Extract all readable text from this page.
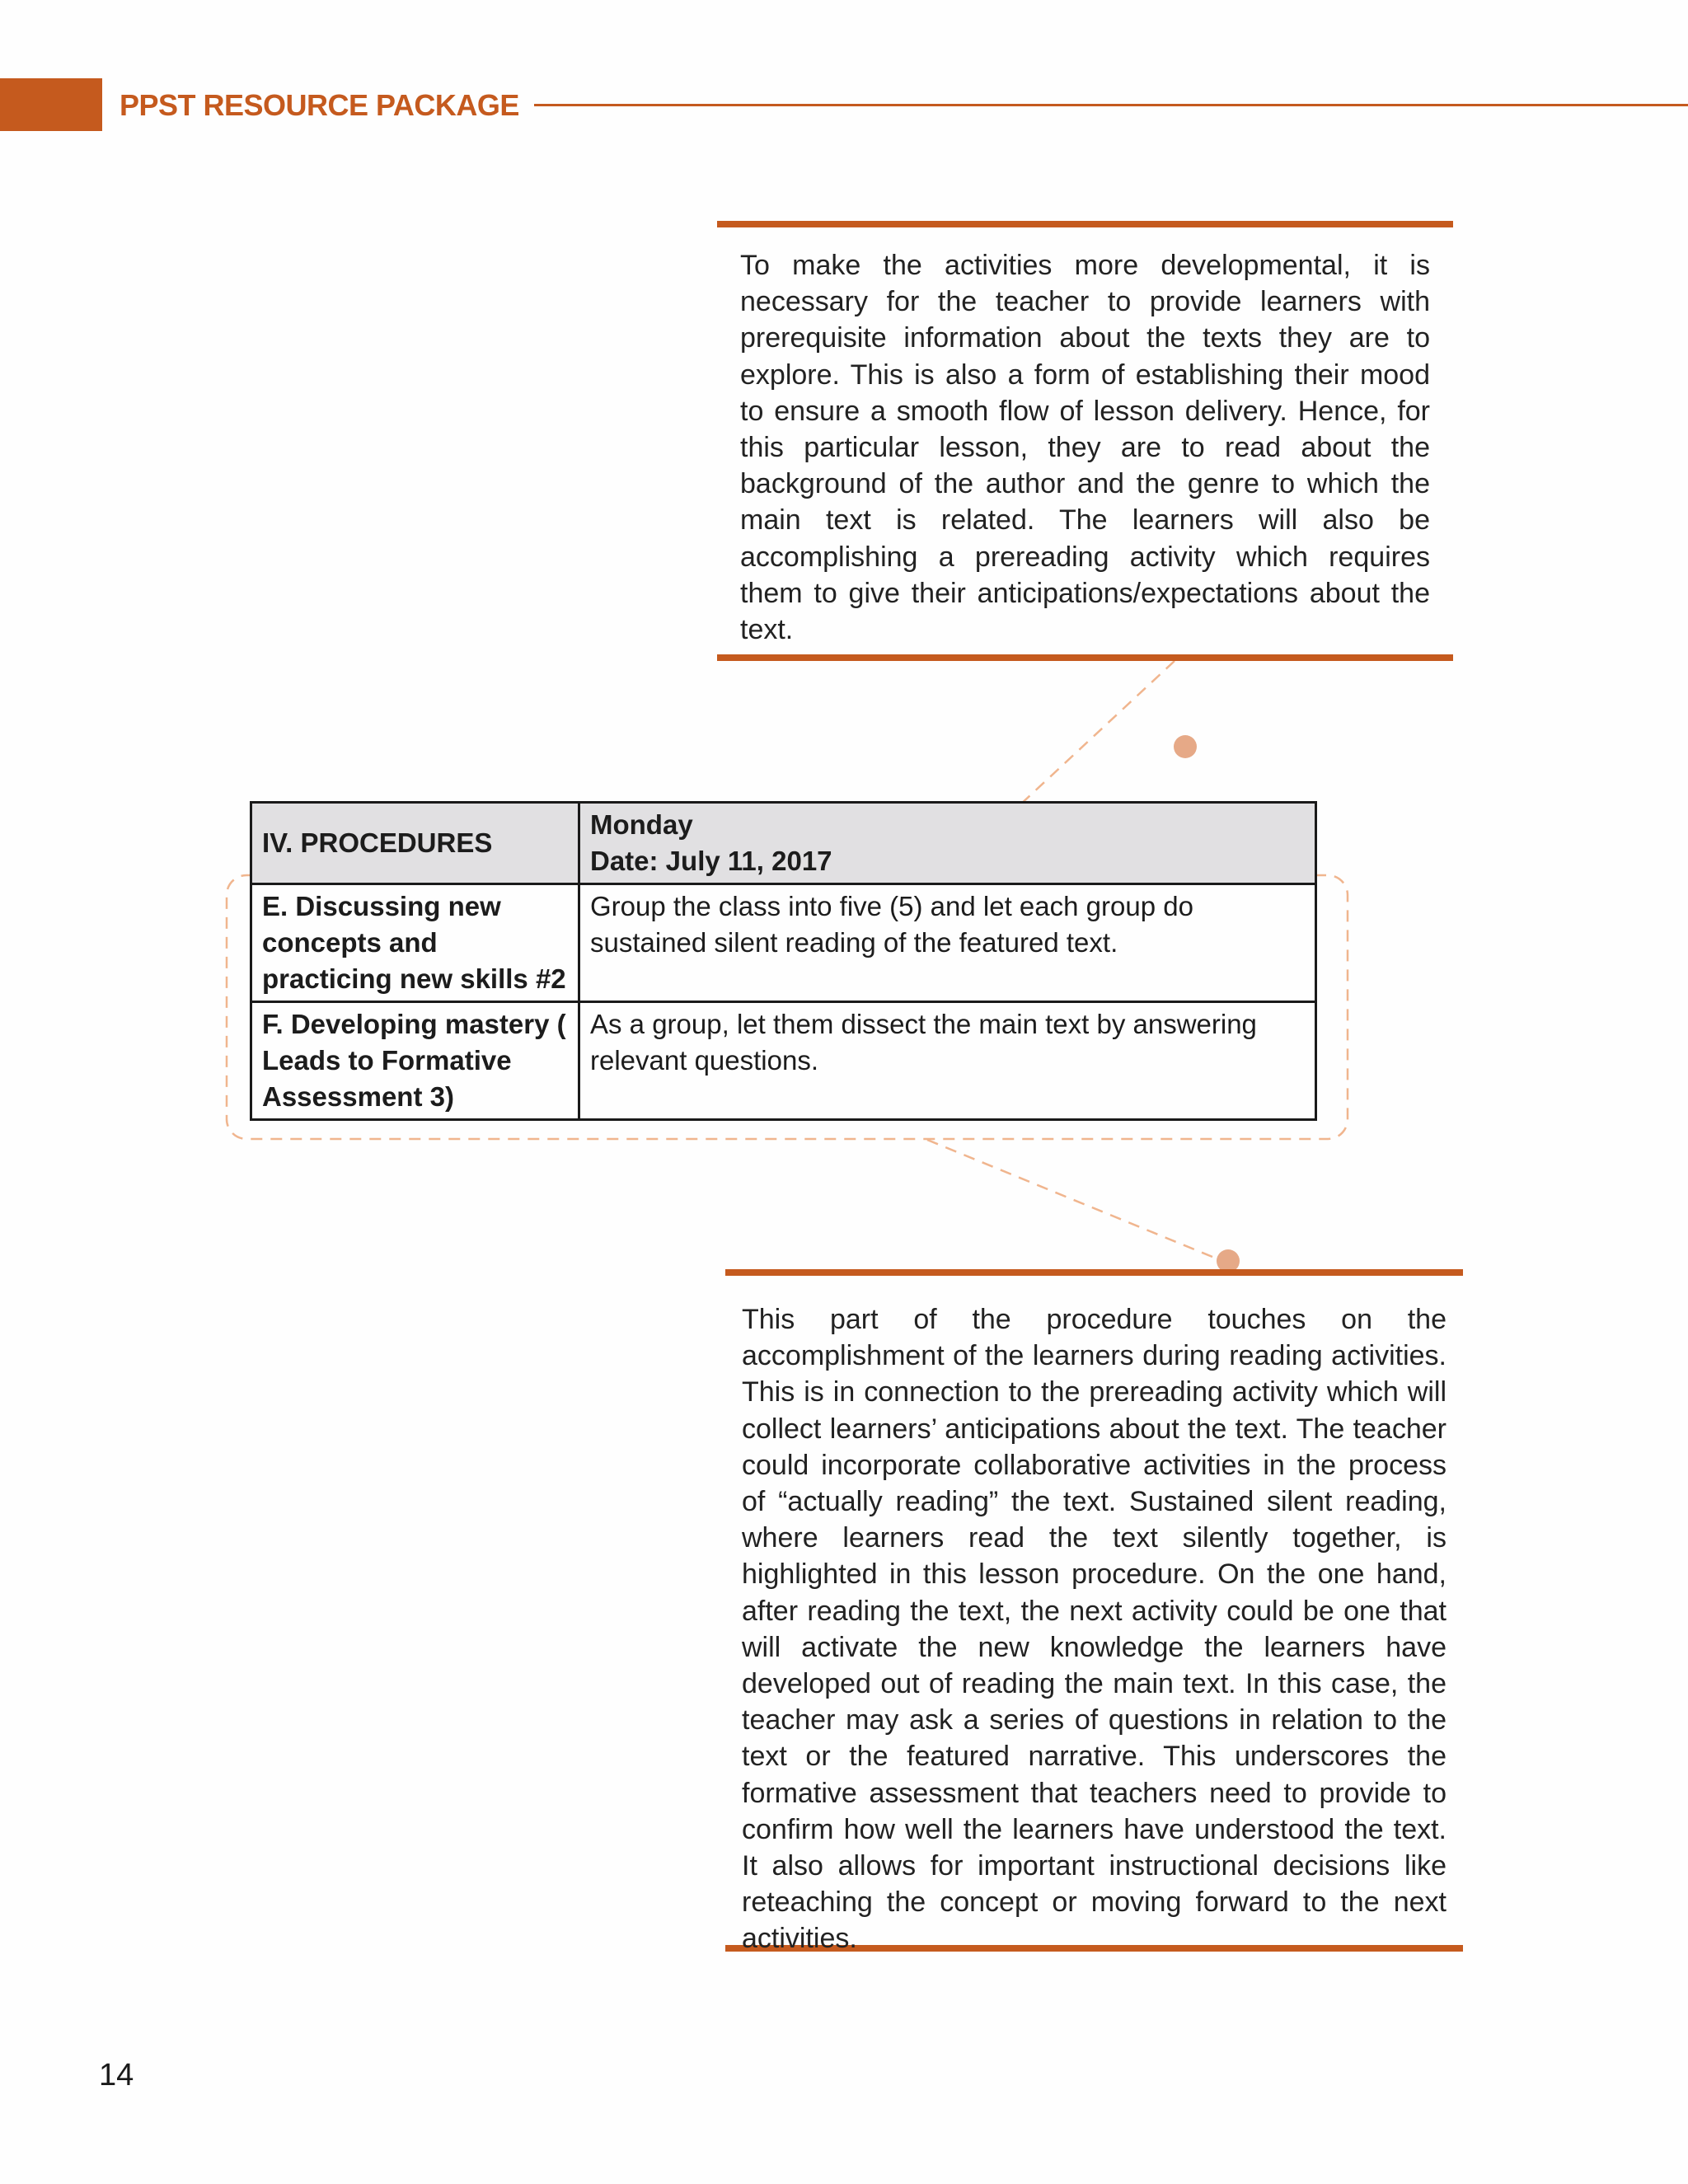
PPST RESOURCE PACKAGE

To make the activities more developmental, it is necessary for the teacher to provide learners with prerequisite information about the texts they are to explore. This is also a form of establishing their mood to ensure a smooth flow of lesson delivery. Hence, for this particular lesson, they are to read about the background of the author and the genre to which the main text is related. The learners will also be accomplishing a prereading activity which requires them to give their anticipations/expectations about the text.

IV. PROCEDURES	Monday
Date: July 11, 2017

E. Discussing new concepts and practicing new skills #2	Group the class into five (5) and let each group do sustained silent reading of the featured text.
F. Developing mastery ( Leads to Formative Assessment 3)	As a group, let them dissect the main text by answering relevant questions.

This part of the procedure touches on the accomplishment of the learners during reading activities. This is in connection to the prereading activity which will collect learners’ anticipations about the text. The teacher could incorporate collaborative activities in the process of “actually reading” the text. Sustained silent reading, where learners read the text silently together, is highlighted in this lesson procedure. On the one hand, after reading the text, the next activity could be one that will activate the new knowledge the learners have developed out of reading the main text. In this case, the teacher may ask a series of questions in relation to the text or the featured narrative. This underscores the formative assessment that teachers need to provide to confirm how well the learners have understood the text. It also allows for important instructional decisions like reteaching the concept or moving forward to the next activities.

14
